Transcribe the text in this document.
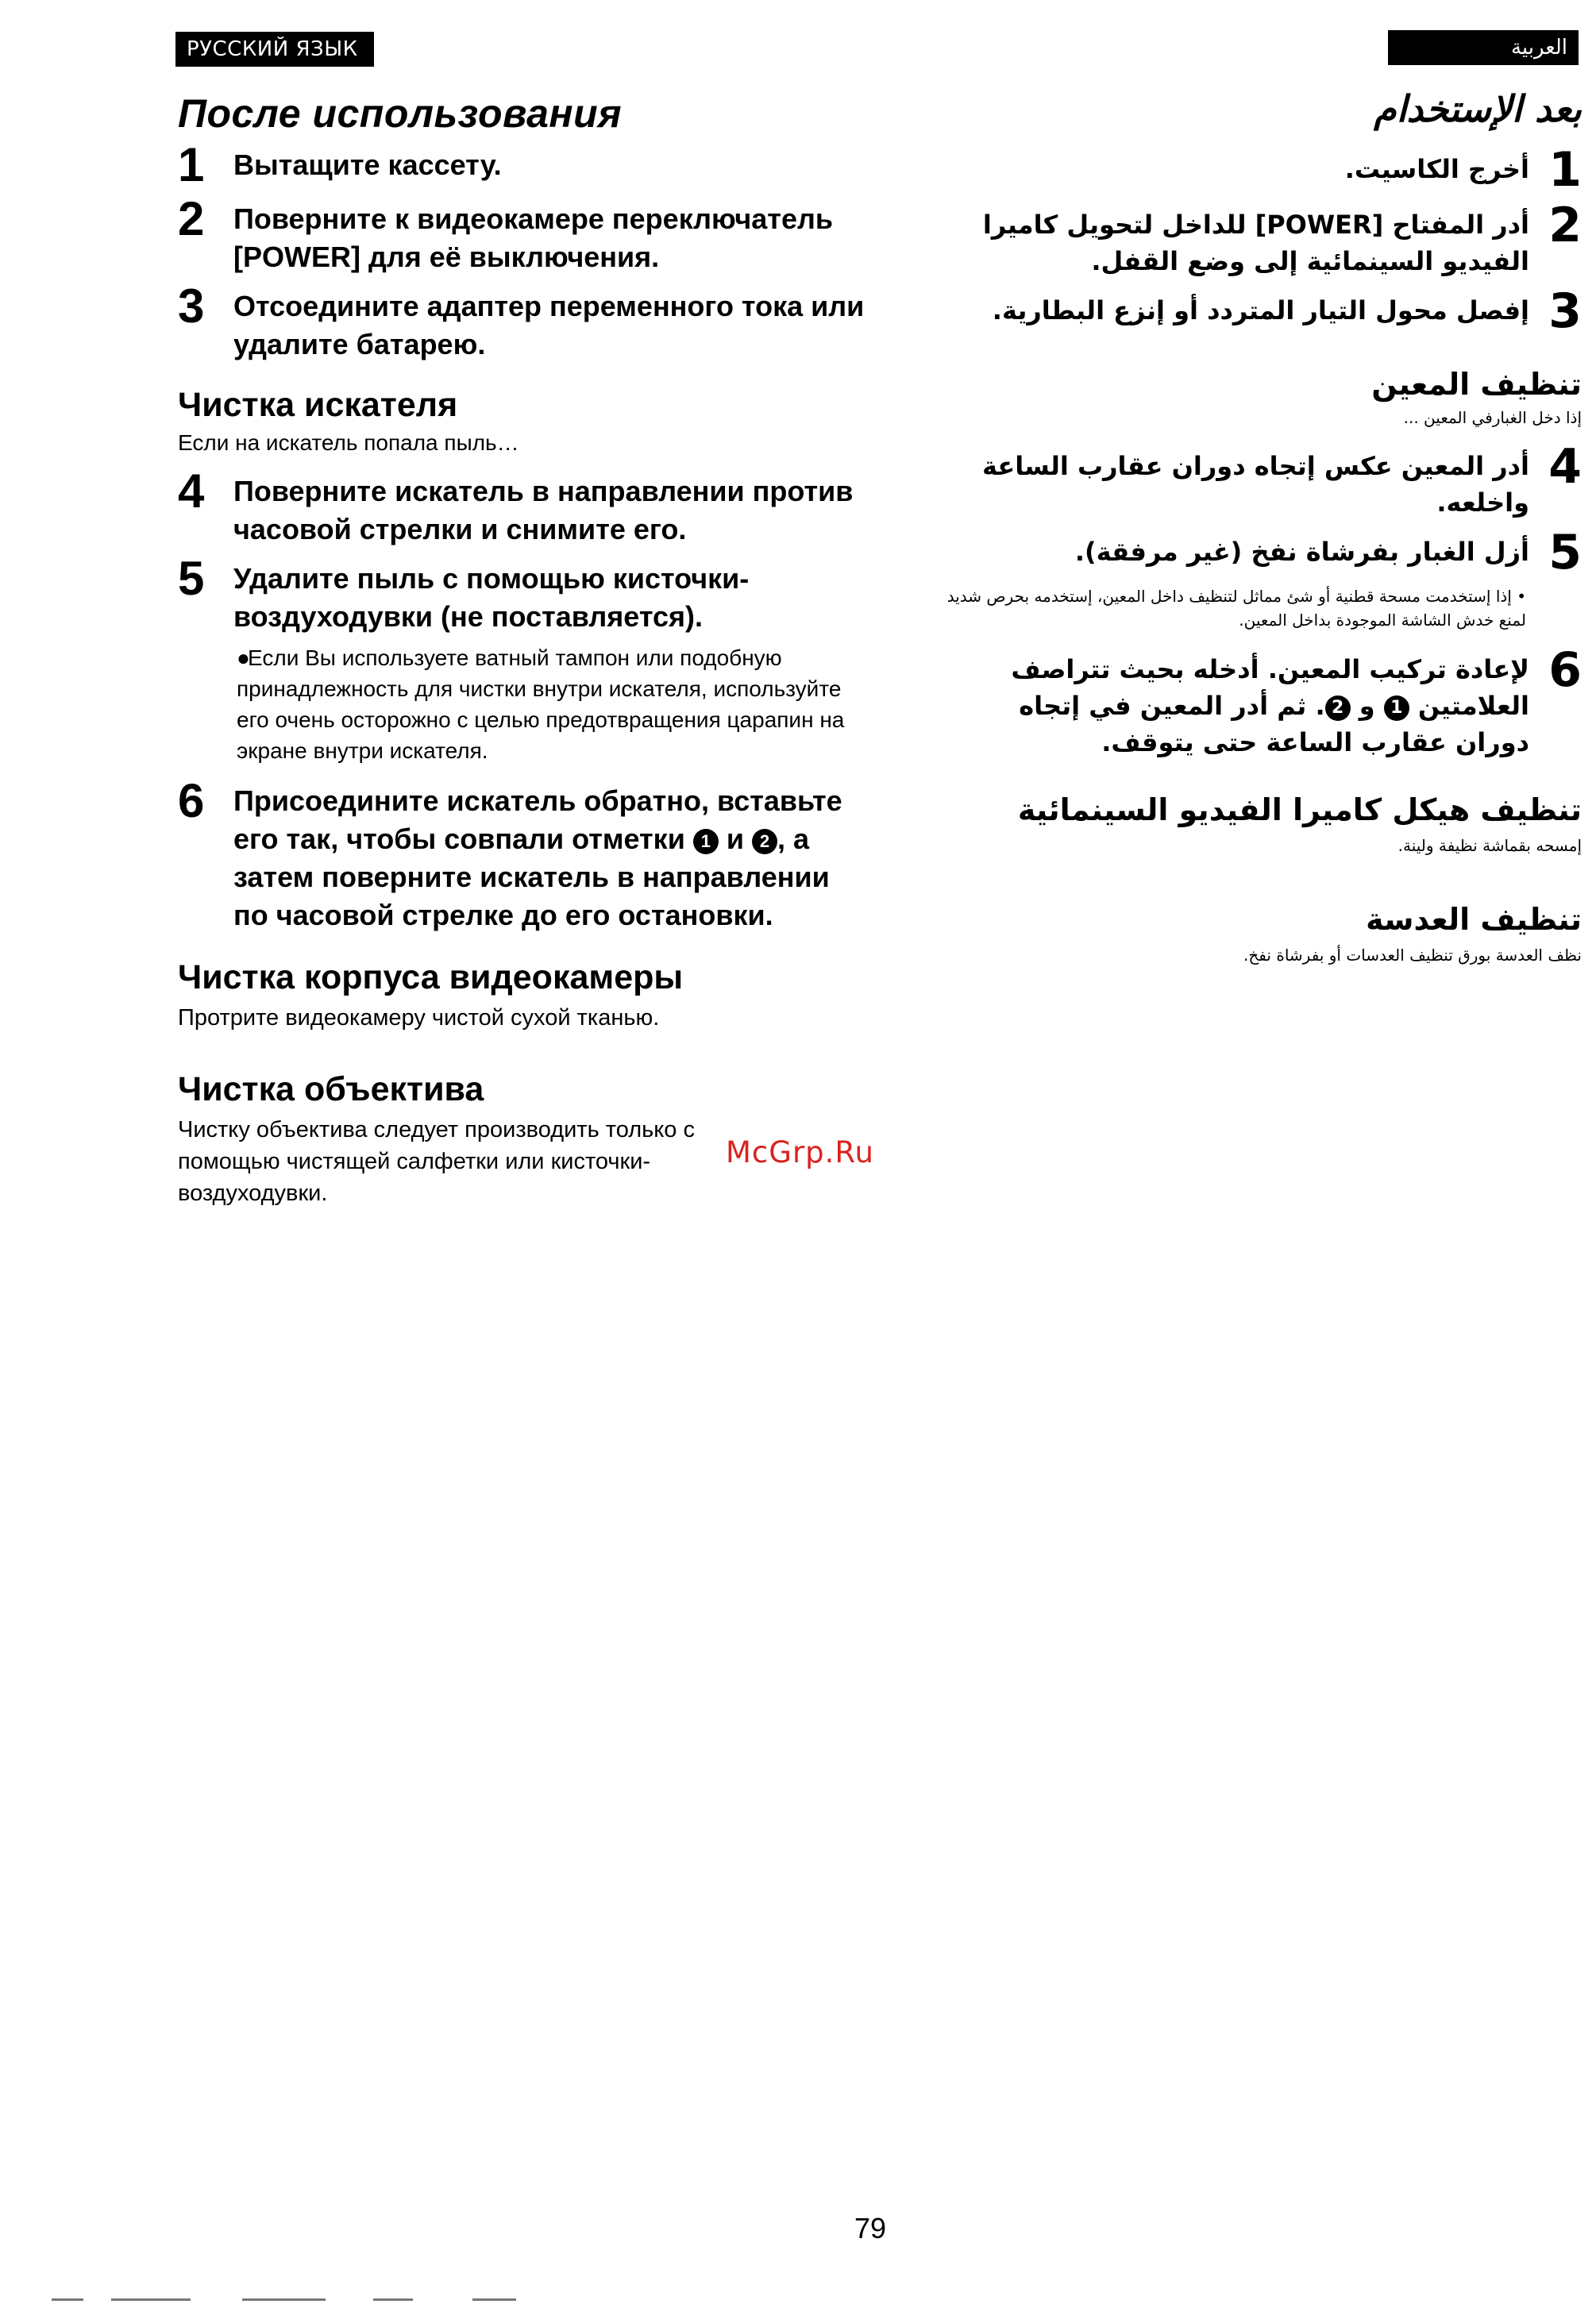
РУССКИЙ ЯЗЫК	العربية
После использования
1	Вытащите кассету.
2	Поверните к видеокамере переключатель [POWER] для её выключения.
3	Отсоедините адаптер переменного тока или удалите батарею.
Чистка искателя
Если на искатель попала пыль…
4	Поверните искатель в направлении против часовой стрелки и снимите его.
5	Удалите пыль с помощью кисточки-воздуходувки (не поставляется).
●Если Вы используете ватный тампон или подобную принадлежность для чистки внутри искателя, используйте его очень осторожно с целью предотвращения царапин на экране внутри искателя.
6	Присоедините искатель обратно, вставьте его так, чтобы совпали отметки 1 и 2 , а затем поверните искатель в направлении по часовой стрелке до его остановки.
Чистка корпуса видеокамеры
Протрите видеокамеру чистой сухой тканью.
Чистка объектива
Чистку объектива следует производить только с помощью чистящей салфетки или кисточки-воздуходувки.
بعد الإستخدام
1
أخرج الكاسيت.
2
أدر المفتاح [POWER] للداخل لتحويل كاميرا الفيديو السينمائية إلى وضع القفل.
3
إفصل محول التيار المتردد أو إنزع البطارية.
تنظيف المعين
إذا دخل الغبارفي المعين ...
4
أدر المعين عكس إتجاه دوران عقارب الساعة واخلعه.
5
أزل الغبار بفرشاة نفخ (غير مرفقة).
• إذا إستخدمت مسحة قطنية أو شئ مماثل لتنظيف داخل المعين، إستخدمه بحرص شديد لمنع خدش الشاشة الموجودة بداخل المعين.
6
لإعادة تركيب المعين. أدخله بحيث تتراصف العلامتين 1 و 2. ثم أدر المعين في إتجاه دوران عقارب الساعة حتى يتوقف.
تنظيف هيكل كاميرا الفيديو السينمائية
إمسحه بقماشة نظيفة ولينة.
تنظيف العدسة
نظف العدسة بورق تنظيف العدسات أو بفرشاة نفخ.
McGrp.Ru
79
